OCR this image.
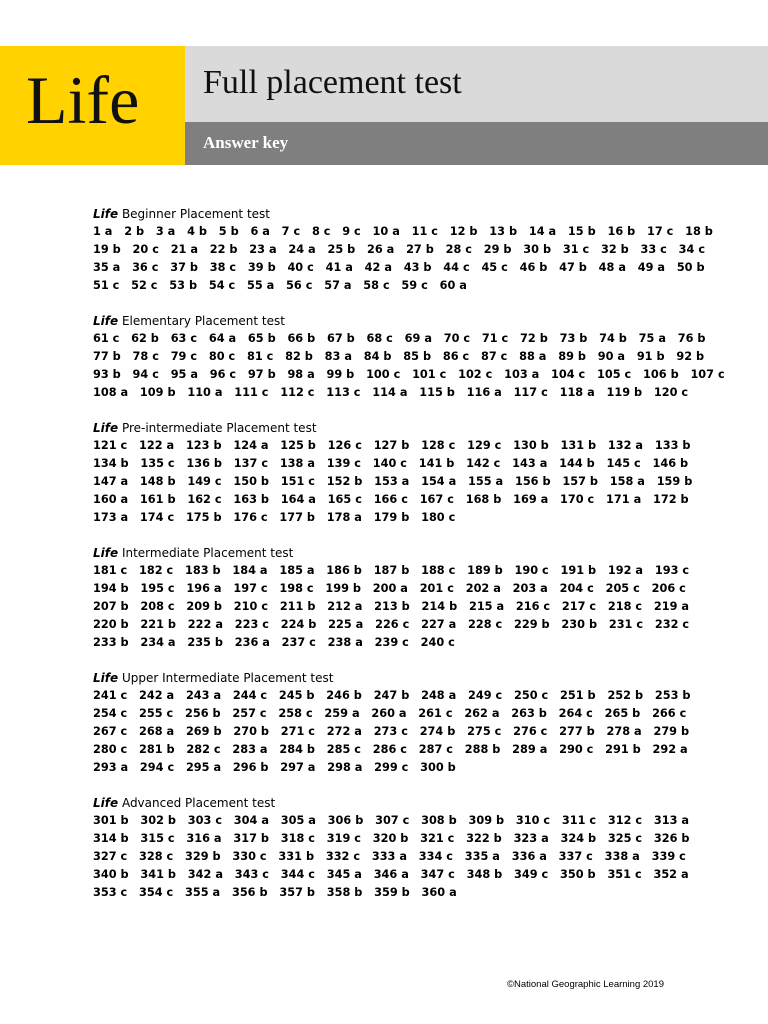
Life Full placement test
Answer key
Life Beginner Placement test
1 a   2 b   3 a   4 b   5 b   6 a   7 c   8 c   9 c   10 a   11 c   12 b   13 b   14 a   15 b   16 b   17 c   18 b
19 b   20 c   21 a   22 b   23 a   24 a   25 b   26 a   27 b   28 c   29 b   30 b   31 c   32 b   33 c   34 c
35 a   36 c   37 b   38 c   39 b   40 c   41 a   42 a   43 b   44 c   45 c   46 b   47 b   48 a   49 a   50 b
51 c   52 c   53 b   54 c   55 a   56 c   57 a   58 c   59 c   60 a
Life Elementary Placement test
61 c   62 b   63 c   64 a   65 b   66 b   67 b   68 c   69 a   70 c   71 c   72 b   73 b   74 b   75 a   76 b
77 b   78 c   79 c   80 c   81 c   82 b   83 a   84 b   85 b   86 c   87 c   88 a   89 b   90 a   91 b   92 b
93 b   94 c   95 a   96 c   97 b   98 a   99 b   100 c   101 c   102 c   103 a   104 c   105 c   106 b   107 c
108 a   109 b   110 a   111 c   112 c   113 c   114 a   115 b   116 a   117 c   118 a   119 b   120 c
Life Pre-intermediate Placement test
121 c   122 a   123 b   124 a   125 b   126 c   127 b   128 c   129 c   130 b   131 b   132 a   133 b
134 b   135 c   136 b   137 c   138 a   139 c   140 c   141 b   142 c   143 a   144 b   145 c   146 b
147 a   148 b   149 c   150 b   151 c   152 b   153 a   154 a   155 a   156 b   157 b   158 a   159 b
160 a   161 b   162 c   163 b   164 a   165 c   166 c   167 c   168 b   169 a   170 c   171 a   172 b
173 a   174 c   175 b   176 c   177 b   178 a   179 b   180 c
Life Intermediate Placement test
181 c   182 c   183 b   184 a   185 a   186 b   187 b   188 c   189 b   190 c   191 b   192 a   193 c
194 b   195 c   196 a   197 c   198 c   199 b   200 a   201 c   202 a   203 a   204 c   205 c   206 c
207 b   208 c   209 b   210 c   211 b   212 a   213 b   214 b   215 a   216 c   217 c   218 c   219 a
220 b   221 b   222 a   223 c   224 b   225 a   226 c   227 a   228 c   229 b   230 b   231 c   232 c
233 b   234 a   235 b   236 a   237 c   238 a   239 c   240 c
Life Upper Intermediate Placement test
241 c   242 a   243 a   244 c   245 b   246 b   247 b   248 a   249 c   250 c   251 b   252 b   253 b
254 c   255 c   256 b   257 c   258 c   259 a   260 a   261 c   262 a   263 b   264 c   265 b   266 c
267 c   268 a   269 b   270 b   271 c   272 a   273 c   274 b   275 c   276 c   277 b   278 a   279 b
280 c   281 b   282 c   283 a   284 b   285 c   286 c   287 c   288 b   289 a   290 c   291 b   292 a
293 a   294 c   295 a   296 b   297 a   298 a   299 c   300 b
Life Advanced Placement test
301 b   302 b   303 c   304 a   305 a   306 b   307 c   308 b   309 b   310 c   311 c   312 c   313 a
314 b   315 c   316 a   317 b   318 c   319 c   320 b   321 c   322 b   323 a   324 b   325 c   326 b
327 c   328 c   329 b   330 c   331 b   332 c   333 a   334 c   335 a   336 a   337 c   338 a   339 c
340 b   341 b   342 a   343 c   344 c   345 a   346 a   347 c   348 b   349 c   350 b   351 c   352 a
353 c   354 c   355 a   356 b   357 b   358 b   359 b   360 a
©National Geographic Learning 2019
